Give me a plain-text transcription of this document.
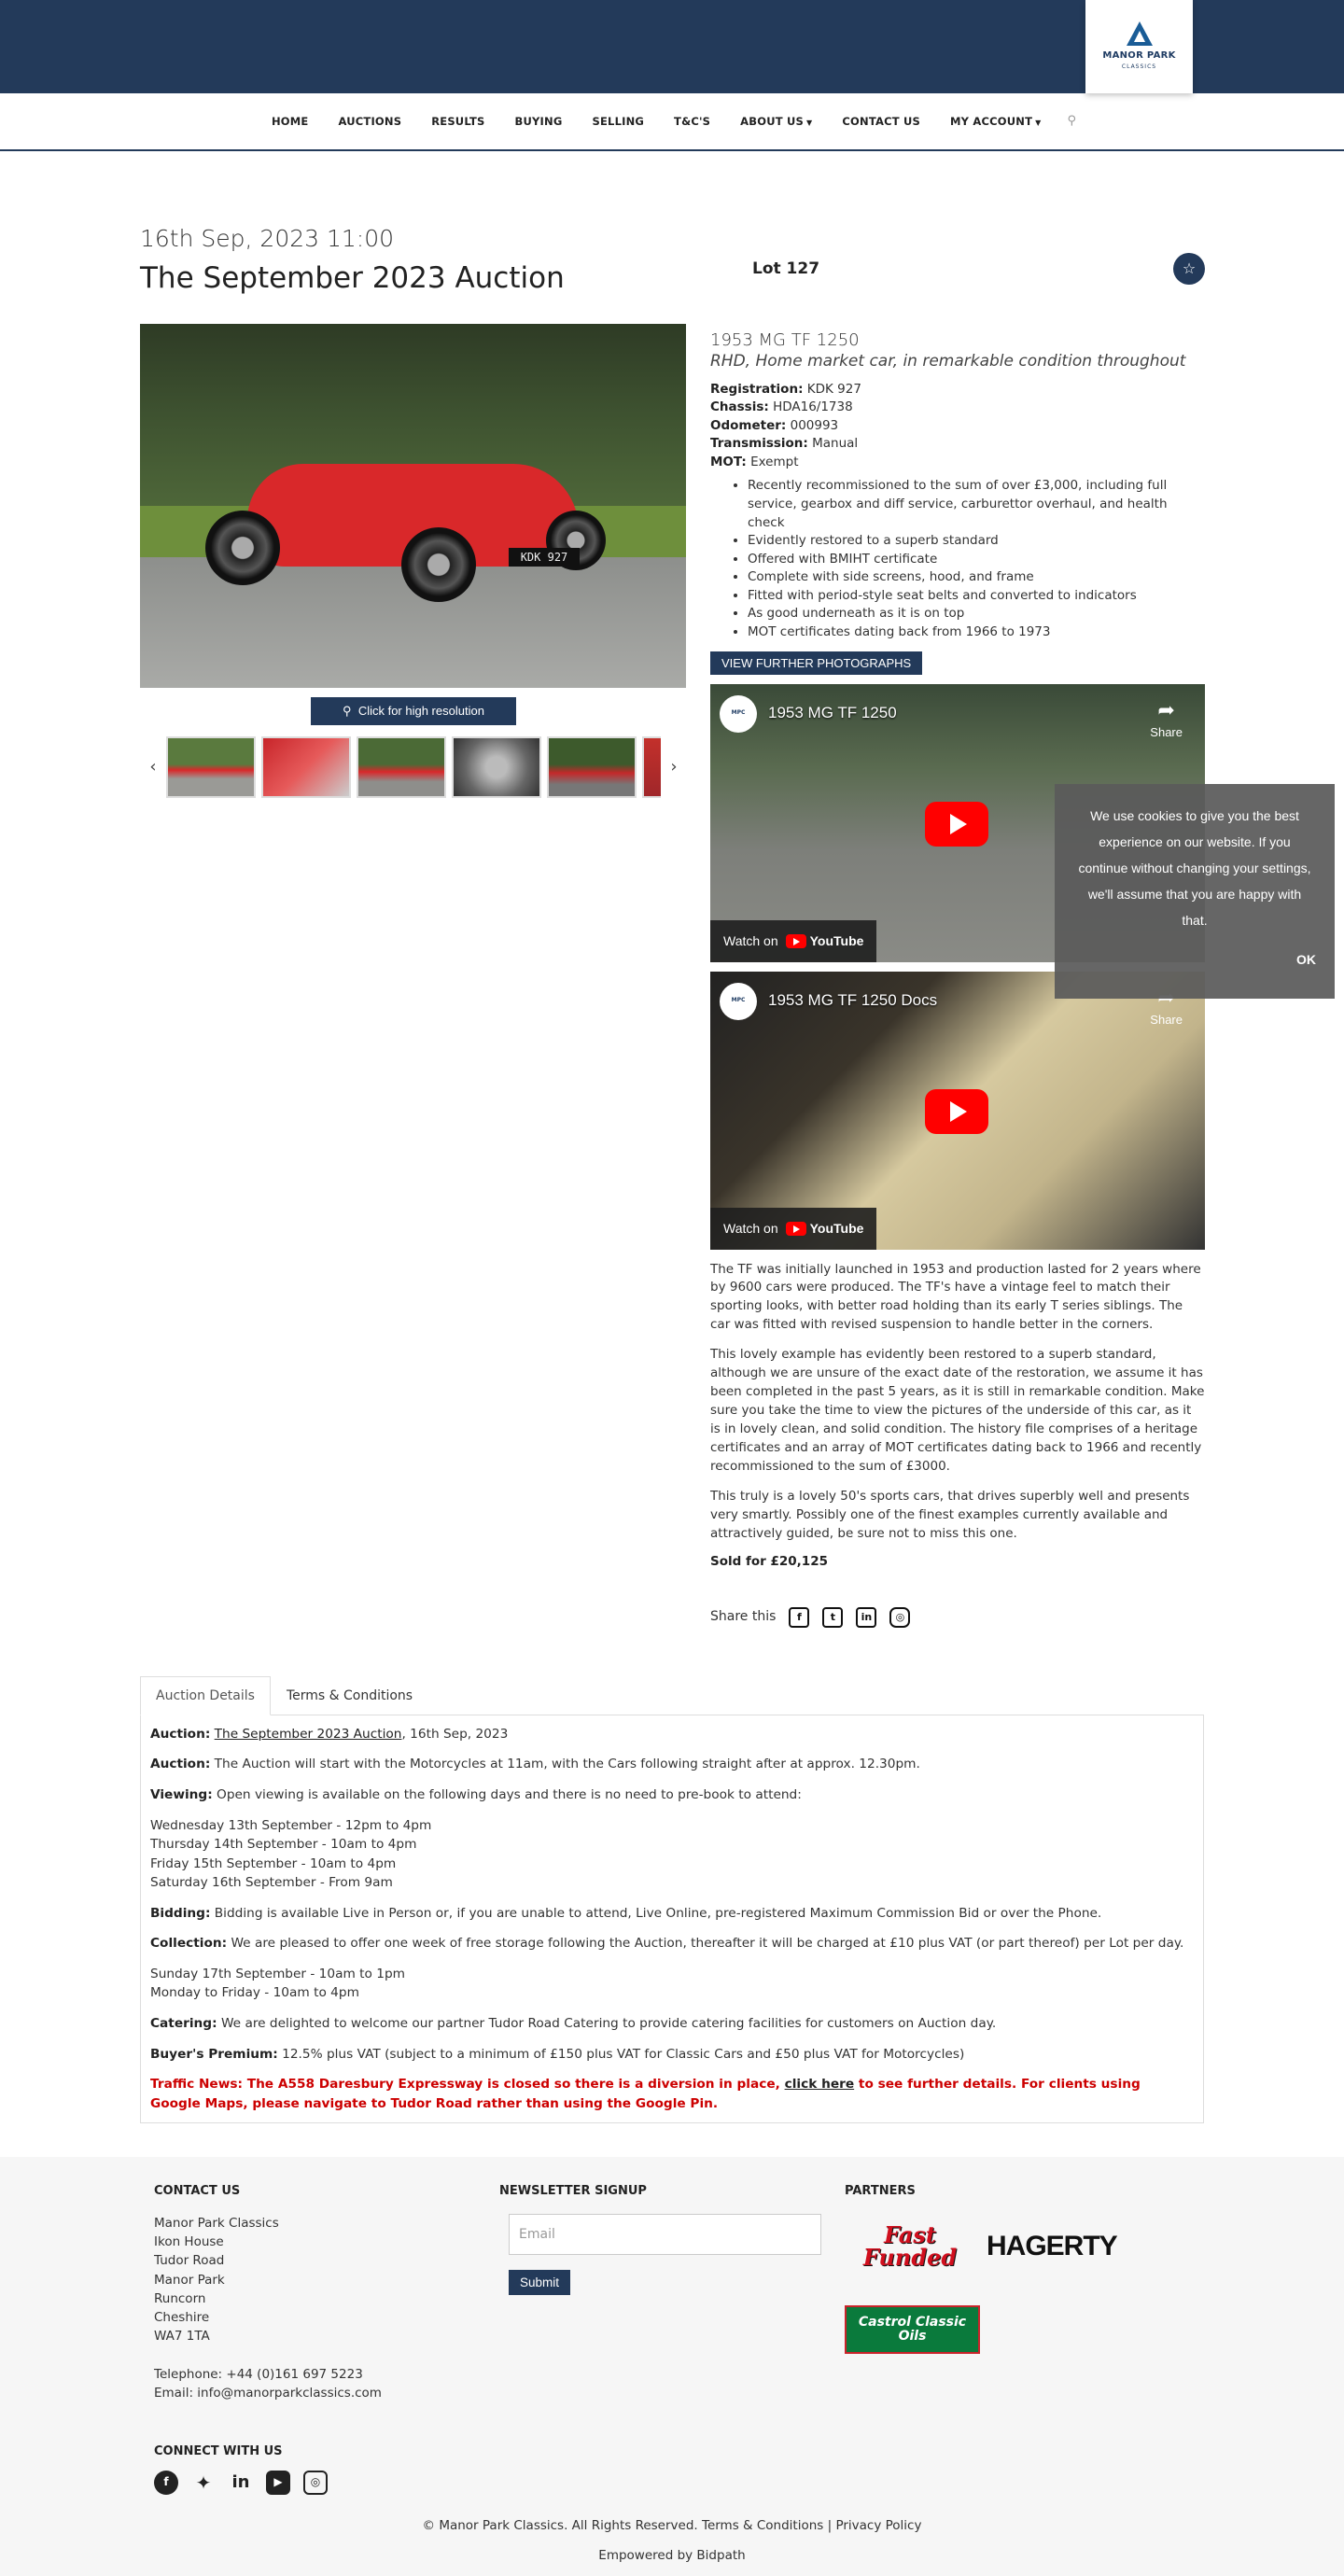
MANOR PARK
CLASSICS
HOME	AUCTIONS	RESULTS	BUYING	SELLING	T&C'S	ABOUT US ▼	CONTACT US	MY ACCOUNT ▼	⚲
16th Sep, 2023 11:00
The September 2023 Auction
KDK 927
⚲ Click for high resolution
‹	›
Lot 127	☆
1953 MG TF 1250
RHD, Home market car, in remarkable condition throughout
Registration: KDK 927
Chassis: HDA16/1738
Odometer: 000993
Transmission: Manual
MOT: Exempt
• Recently recommissioned to the sum of over £3,000, including full service, gearbox and diff service, carburettor overhaul, and health check
• Evidently restored to a superb standard
• Offered with BMIHT certificate
• Complete with side screens, hood, and frame
• Fitted with period-style seat belts and converted to indicators
• As good underneath as it is on top
• MOT certificates dating back from 1966 to 1973
VIEW FURTHER PHOTOGRAPHS
MPC	1953 MG TF 1250	➦
Share
Watch on YouTube
MPC	1953 MG TF 1250 Docs
Share
Watch on YouTube

The TF was initially launched in 1953 and production lasted for 2 years where by 9600 cars were produced. The TF's have a vintage feel to match their sporting looks, with better road holding than its early T series siblings. The car was fitted with revised suspension to handle better in the corners.

This lovely example has evidently been restored to a superb standard, although we are unsure of the exact date of the restoration, we assume it has been completed in the past 5 years, as it is still in remarkable condition. Make sure you take the time to view the pictures of the underside of this car, as it is in lovely clean, and solid condition. The history file comprises of a heritage certificates and an array of MOT certificates dating back to 1966 and recently recommissioned to the sum of £3000.

This truly is a lovely 50's sports cars, that drives superbly well and presents very smartly. Possibly one of the finest examples currently available and attractively guided, be sure not to miss this one.

Sold for £20,125
Share this	f	t	in	◎
Auction Details	Terms & Conditions

Auction: The September 2023 Auction, 16th Sep, 2023

Auction: The Auction will start with the Motorcycles at 11am, with the Cars following straight after at approx. 12.30pm.

Viewing: Open viewing is available on the following days and there is no need to pre-book to attend:

Wednesday 13th September - 12pm to 4pm

Thursday 14th September - 10am to 4pm

Friday 15th September - 10am to 4pm

Saturday 16th September - From 9am

Bidding: Bidding is available Live in Person or, if you are unable to attend, Live Online, pre-registered Maximum Commission Bid or over the Phone.

Collection: We are pleased to offer one week of free storage following the Auction, thereafter it will be charged at £10 plus VAT (or part thereof) per Lot per day.

Sunday 17th September - 10am to 1pm

Monday to Friday - 10am to 4pm

Catering: We are delighted to welcome our partner Tudor Road Catering to provide catering facilities for customers on Auction day.

Buyer's Premium: 12.5% plus VAT (subject to a minimum of £150 plus VAT for Classic Cars and £50 plus VAT for Motorcycles)

Traffic News: The A558 Daresbury Expressway is closed so there is a diversion in place, click here to see further details. For clients using Google Maps, please navigate to Tudor Road rather than using the Google Pin.

CONTACT US
Manor Park Classics
Ikon House
Tudor Road
Manor Park
Runcorn
Cheshire
WA7 1TA
Telephone: +44 (0)161 697 5223
Email: info@manorparkclassics.com
NEWSLETTER SIGNUP
Email
Submit
PARTNERS
Fast Funded	HAGERTY
Castrol Classic Oils
CONNECT WITH US
f	✦ in	▶	◎
© Manor Park Classics. All Rights Reserved. Terms & Conditions | Privacy Policy
Empowered by Bidpath
We use cookies to give you the best experience on our website. If you continue without changing your settings, we'll assume that you are happy with that.
OK
